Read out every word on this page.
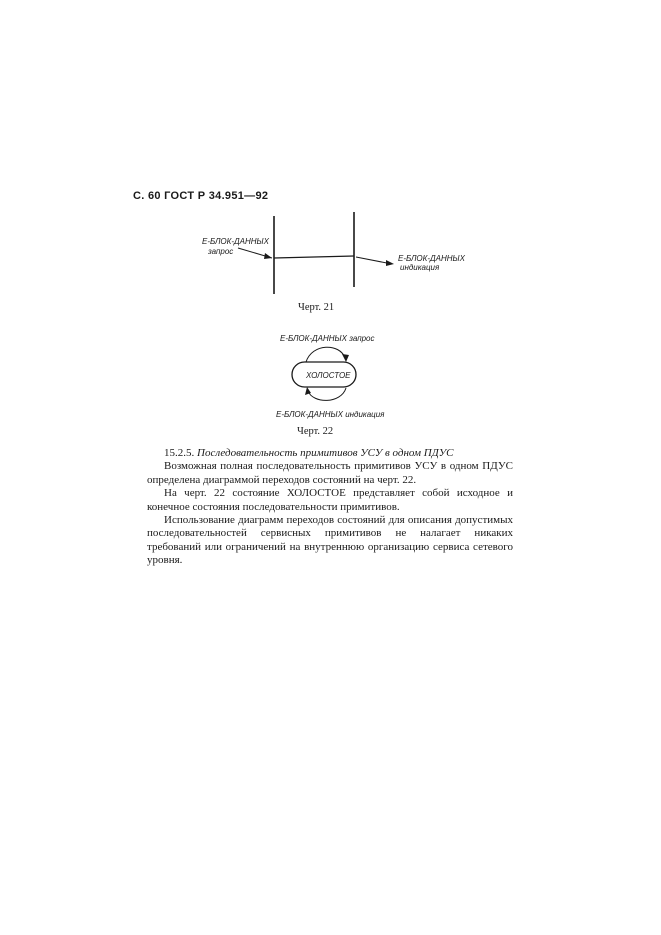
С. 60 ГОСТ Р 34.951—92
Е-БЛОК-ДАННЫХ
запрос
Е-БЛОК-ДАННЫХ
индикация
Е-БЛОК-ДАННЫХ запрос
ХОЛОСТОЕ
Е-БЛОК-ДАННЫХ индикация
Черт. 21
Черт. 22

15.2.5. Последовательность примитивов УСУ в одном ПДУС

Возможная полная последовательность примитивов УСУ в одном ПДУС определена диаграммой переходов состояний на черт. 22.

На черт. 22 состояние ХОЛОСТОЕ представляет собой исходное и конечное состояния последовательности примитивов.

Использование диаграмм переходов состояний для описания допустимых последовательностей сервисных примитивов не налагает никаких требований или ограничений на внутреннюю организацию сервиса сетевого уровня.
